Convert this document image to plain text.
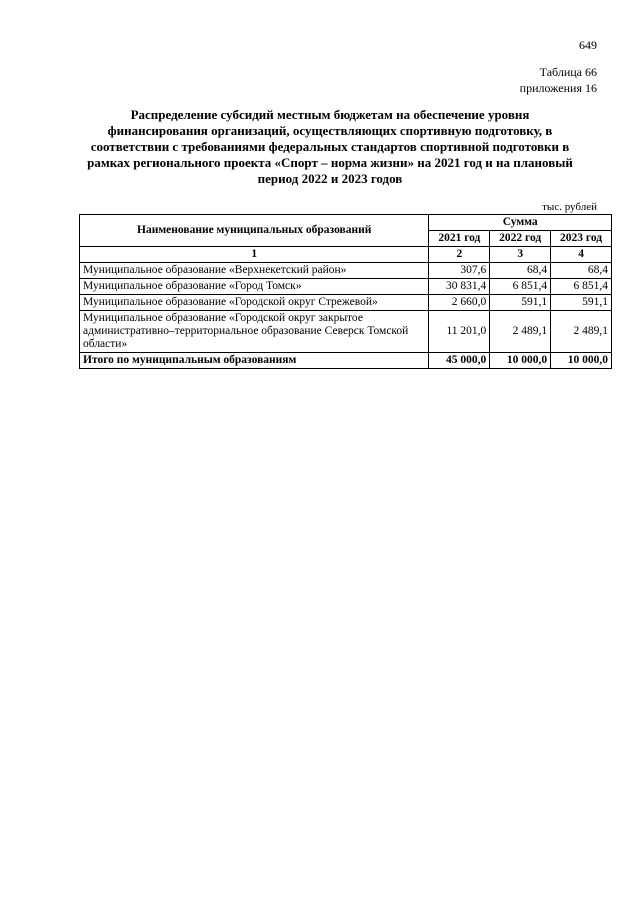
649
Таблица 66
приложения 16
Распределение субсидий местным бюджетам на обеспечение уровня финансирования организаций, осуществляющих спортивную подготовку, в соответствии с требованиями федеральных стандартов спортивной подготовки в рамках регионального проекта «Спорт – норма жизни» на 2021 год и на плановый период 2022 и 2023 годов
тыс. рублей
Наименование муниципальных образований	Сумма		
	2021 год	2022 год	2023 год
1	2	3	4
Муниципальное образование «Верхнекетский район»	307,6	68,4	68,4
Муниципальное образование «Город Томск»	30 831,4	6 851,4	6 851,4
Муниципальное образование «Городской округ Стрежевой»	2 660,0	591,1	591,1
Муниципальное образование «Городской округ закрытое административно–территориальное образование Северск Томской области»	11 201,0	2 489,1	2 489,1
Итого по муниципальным образованиям	45 000,0	10 000,0	10 000,0
